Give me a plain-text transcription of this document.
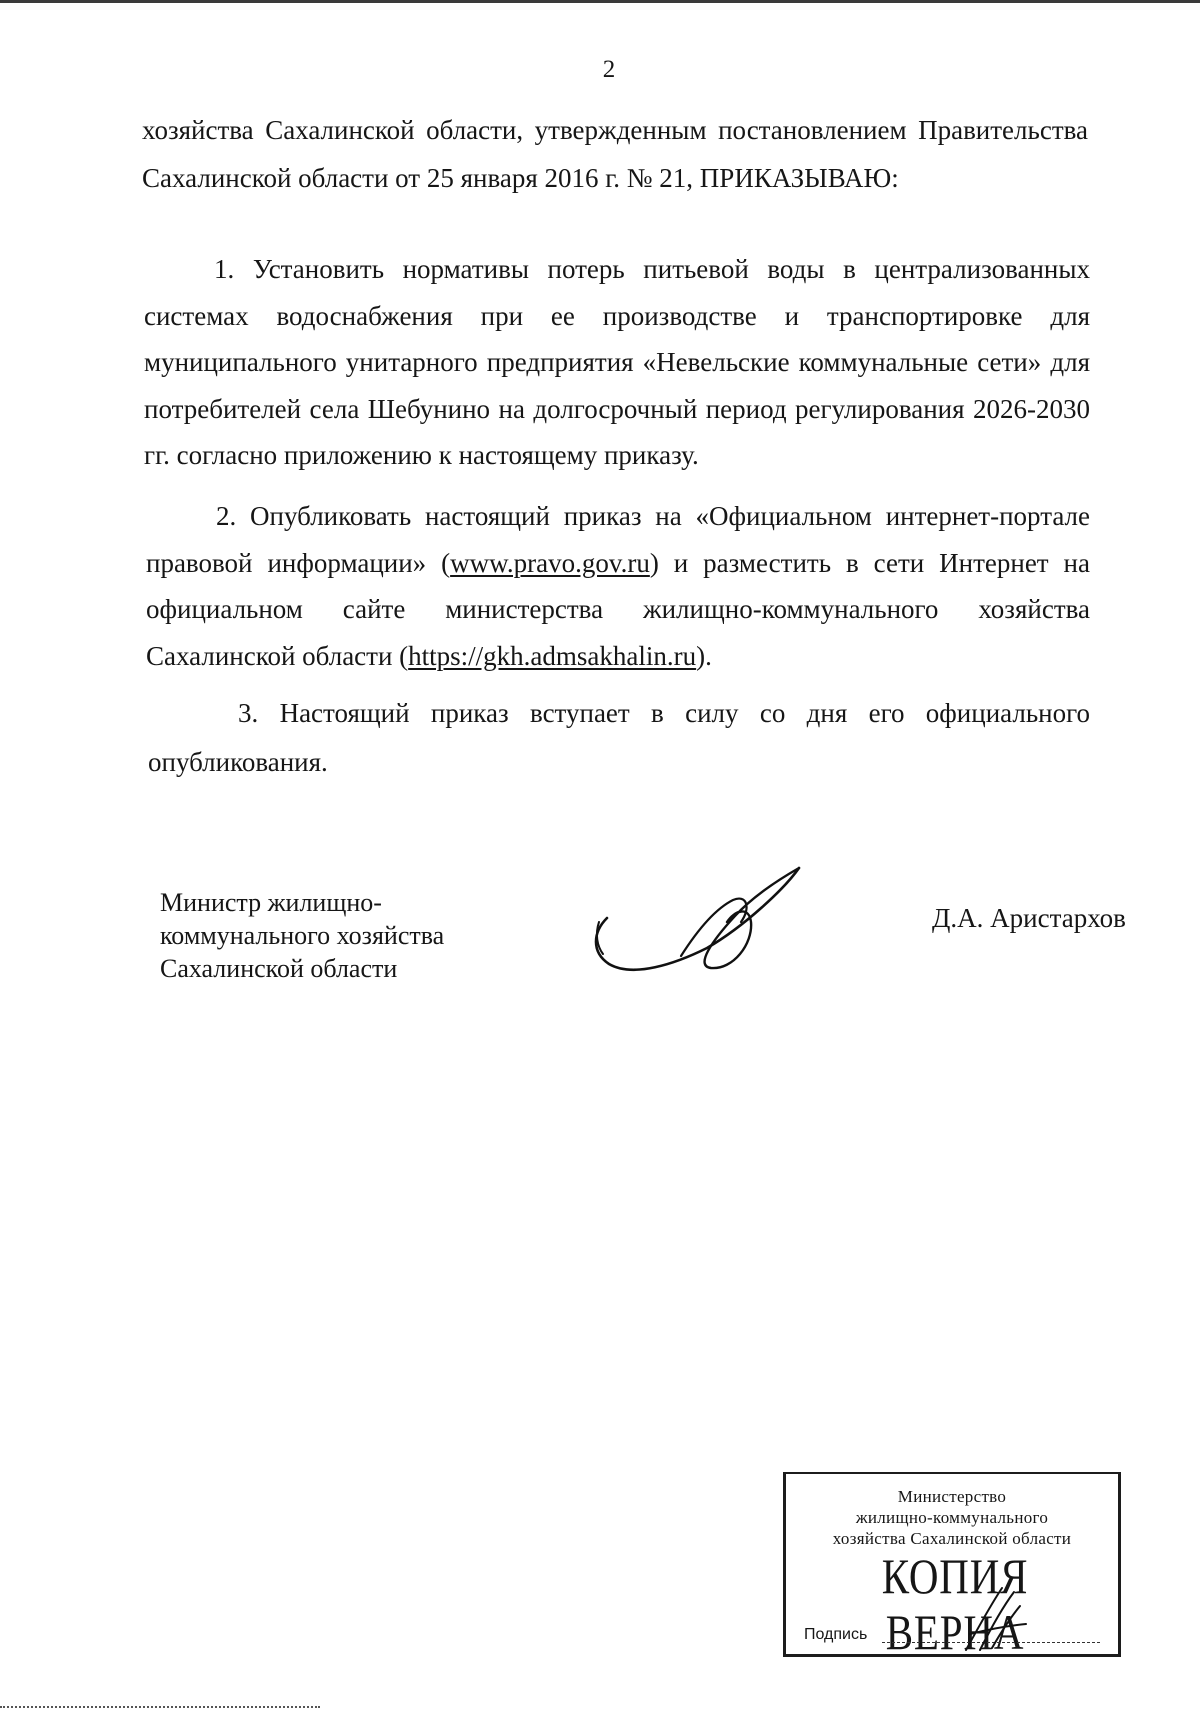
2

хозяйства Сахалинской области, утвержденным постановлением Правительства Сахалинской области от 25 января 2016 г. № 21, ПРИКАЗЫВАЮ:

1. Установить нормативы потерь питьевой воды в централизованных системах водоснабжения при ее производстве и транспортировке для муниципального унитарного предприятия «Невельские коммунальные сети» для потребителей села Шебунино на долгосрочный период регулирования 2026-2030 гг. согласно приложению к настоящему приказу.

2. Опубликовать настоящий приказ на «Официальном интернет-портале правовой информации» (www.pravo.gov.ru) и разместить в сети Интернет на официальном сайте министерства жилищно-коммунального хозяйства Сахалинской области (https://gkh.admsakhalin.ru).

3. Настоящий приказ вступает в силу со дня его официального опубликования.

Министр жилищно-
коммунального хозяйства
Сахалинской области
Д.А. Аристархов
Министерство
жилищно-коммунального
хозяйства Сахалинской области
КОПИЯ ВЕРНА
Подпись
